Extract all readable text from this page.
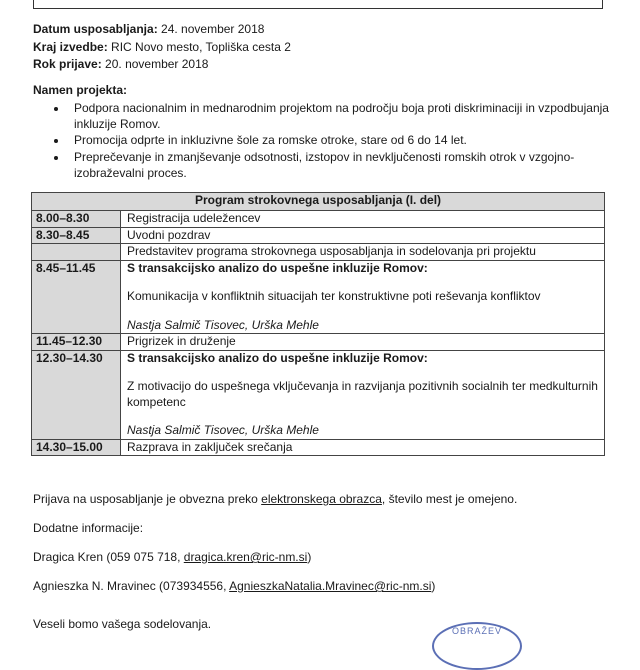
Datum usposabljanja: 24. november 2018
Kraj izvedbe: RIC Novo mesto, Topliška cesta 2
Rok prijave: 20. november 2018
Namen projekta:
Podpora nacionalnim in mednarodnim projektom na področju boja proti diskriminaciji in vzpodbujanja inkluzije Romov.
Promocija odprte in inkluzivne šole za romske otroke, stare od 6 do 14 let.
Preprečevanje in zmanjševanje odsotnosti, izstopov in nevključenosti romskih otrok v vzgojno-izobraževalni proces.
Program strokovnega usposabljanja (I. del)	
8.00–8.30	Registracija udeležencev
8.30–8.45	Uvodni pozdrav
	Predstavitev programa strokovnega usposabljanja in sodelovanja pri projektu
8.45–11.45	S transakcijsko analizo do uspešne inkluzije Romov:
Komunikacija v konfliktnih situacijah ter konstruktivne poti reševanja konfliktov
Nastja Salmič Tisovec, Urška Mehle

11.45–12.30	Prigrizek in druženje
12.30–14.30	S transakcijsko analizo do uspešne inkluzije Romov:
Z motivacijo do uspešnega vključevanja in razvijanja pozitivnih socialnih ter medkulturnih kompetenc
Nastja Salmič Tisovec, Urška Mehle

14.30–15.00	Razprava in zaključek srečanja

Prijava na usposabljanje je obvezna preko elektronskega obrazca, število mest je omejeno.

Dodatne informacije:

Dragica Kren (059 075 718, dragica.kren@ric-nm.si)

Agnieszka N. Mravinec (073934556, AgnieszkaNatalia.Mravinec@ric-nm.si)

Veseli bomo vašega sodelovanja.	OBRAŽEV
